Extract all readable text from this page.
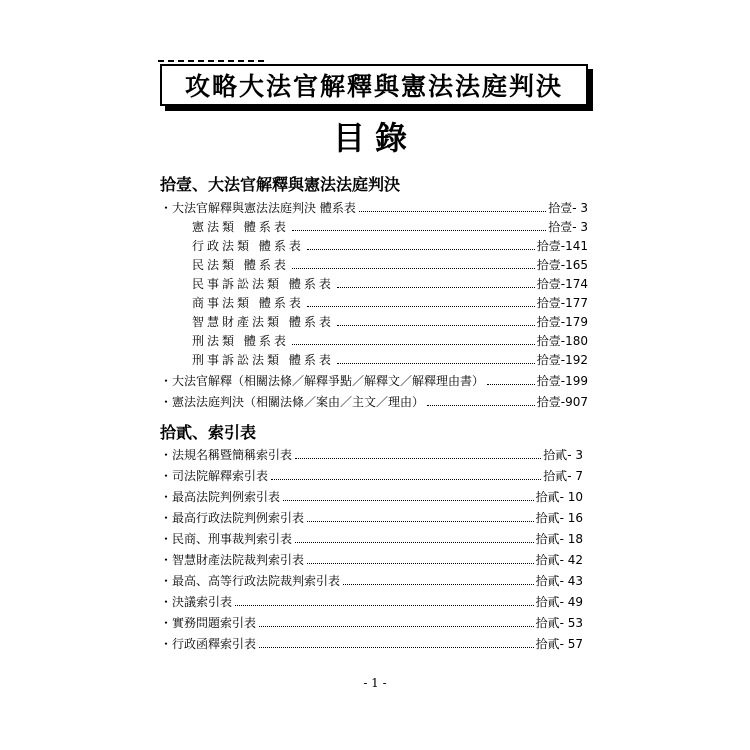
攻略大法官解釋與憲法法庭判決
目錄
拾壹、大法官解釋與憲法法庭判決
・ 大法官解釋與憲法法庭判決 體系表	拾壹- 3
憲法類 體系表	拾壹- 3
行政法類 體系表	拾壹-141
民法類 體系表	拾壹-165
民事訴訟法類 體系表	拾壹-174
商事法類 體系表	拾壹-177
智慧財產法類 體系表	拾壹-179
刑法類 體系表	拾壹-180
刑事訴訟法類 體系表	拾壹-192
・ 大法官解釋（相關法條／解釋爭點／解釋文／解釋理由書）	拾壹-199
・ 憲法法庭判決（相關法條／案由／主文／理由）	拾壹-907
拾貳、索引表
・ 法規名稱暨簡稱索引表	拾貳- 3
・ 司法院解釋索引表	拾貳- 7
・ 最高法院判例索引表	拾貳- 10
・ 最高行政法院判例索引表	拾貳- 16
・ 民商、刑事裁判索引表	拾貳- 18
・ 智慧財產法院裁判索引表	拾貳- 42
・ 最高、高等行政法院裁判索引表	拾貳- 43
・ 決議索引表	拾貳- 49
・ 實務問題索引表	拾貳- 53
・ 行政函釋索引表	拾貳- 57
- 1 -
